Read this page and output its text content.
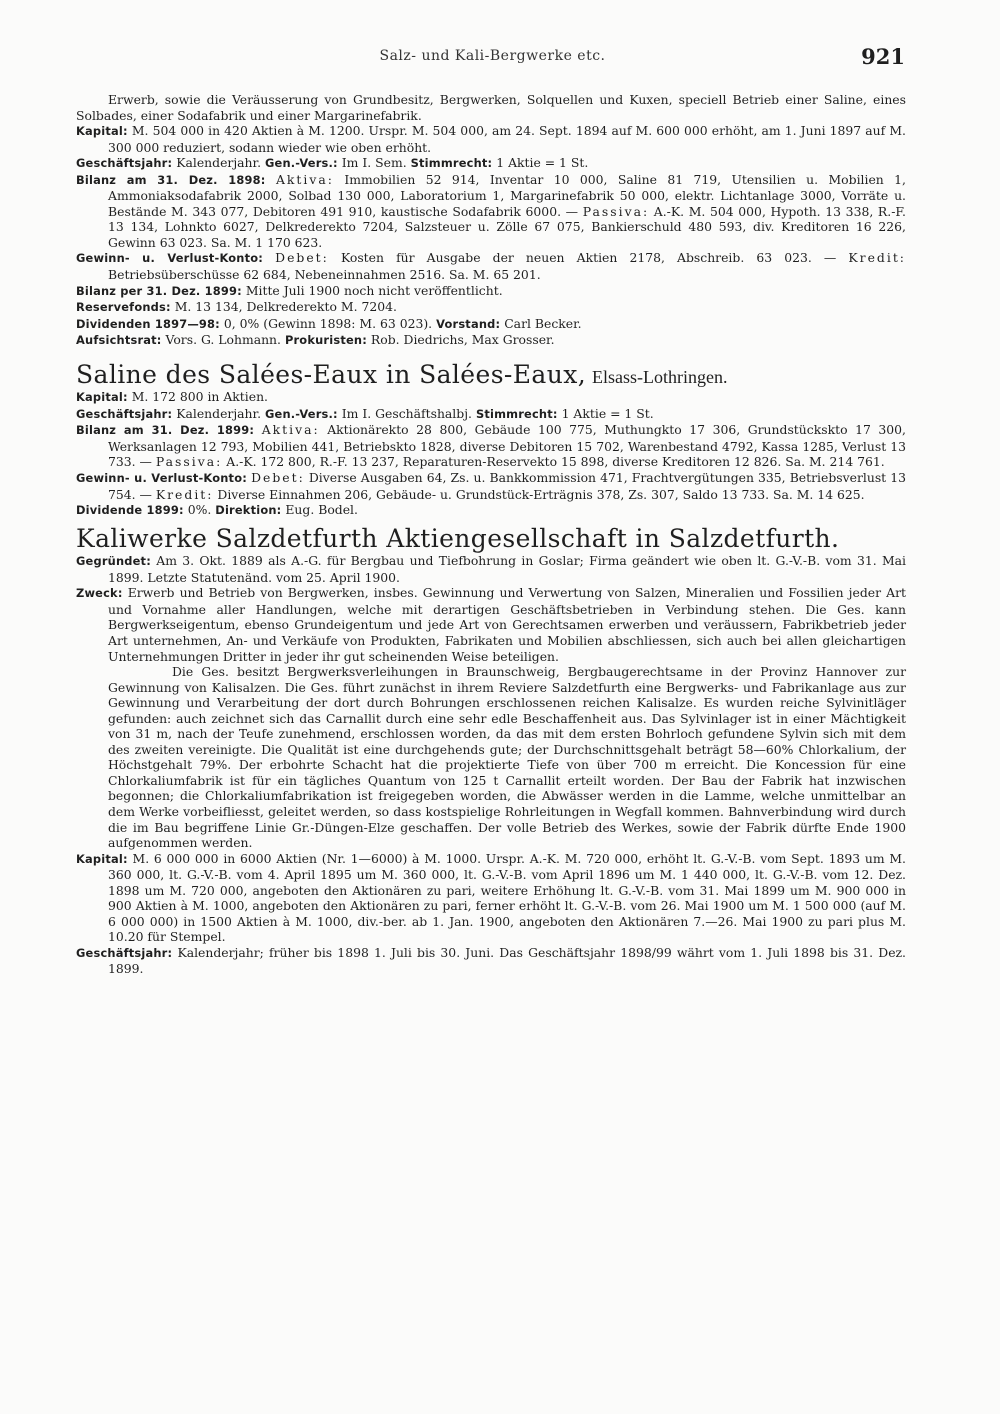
Salz- und Kali-Bergwerke etc.	921

Erwerb, sowie die Veräusserung von Grundbesitz, Bergwerken, Solquellen und Kuxen, speciell Betrieb einer Saline, eines Solbades, einer Sodafabrik und einer Margarinefabrik.

Kapital: M. 504 000 in 420 Aktien à M. 1200. Urspr. M. 504 000, am 24. Sept. 1894 auf M. 600 000 erhöht, am 1. Juni 1897 auf M. 300 000 reduziert, sodann wieder wie oben erhöht.

Geschäftsjahr: Kalenderjahr. Gen.-Vers.: Im I. Sem. Stimmrecht: 1 Aktie = 1 St.

Bilanz am 31. Dez. 1898: Aktiva: Immobilien 52 914, Inventar 10 000, Saline 81 719, Utensilien u. Mobilien 1, Ammoniaksodafabrik 2000, Solbad 130 000, Laboratorium 1, Margarinefabrik 50 000, elektr. Lichtanlage 3000, Vorräte u. Bestände M. 343 077, Debitoren 491 910, kaustische Sodafabrik 6000. — Passiva: A.-K. M. 504 000, Hypoth. 13 338, R.-F. 13 134, Lohnkto 6027, Delkrederekto 7204, Salzsteuer u. Zölle 67 075, Bankierschuld 480 593, div. Kreditoren 16 226, Gewinn 63 023. Sa. M. 1 170 623.

Gewinn- u. Verlust-Konto: Debet: Kosten für Ausgabe der neuen Aktien 2178, Abschreib. 63 023. — Kredit: Betriebsüberschüsse 62 684, Nebeneinnahmen 2516. Sa. M. 65 201.

Bilanz per 31. Dez. 1899: Mitte Juli 1900 noch nicht veröffentlicht.

Reservefonds: M. 13 134, Delkrederekto M. 7204.

Dividenden 1897—98: 0, 0% (Gewinn 1898: M. 63 023). Vorstand: Carl Becker.

Aufsichtsrat: Vors. G. Lohmann. Prokuristen: Rob. Diedrichs, Max Grosser.

Saline des Salées-Eaux in Salées-Eaux, Elsass-Lothringen.

Kapital: M. 172 800 in Aktien.

Geschäftsjahr: Kalenderjahr. Gen.-Vers.: Im I. Geschäftshalbj. Stimmrecht: 1 Aktie = 1 St.

Bilanz am 31. Dez. 1899: Aktiva: Aktionärekto 28 800, Gebäude 100 775, Muthungkto 17 306, Grundstückskto 17 300, Werksanlagen 12 793, Mobilien 441, Betriebskto 1828, diverse Debitoren 15 702, Warenbestand 4792, Kassa 1285, Verlust 13 733. — Passiva: A.-K. 172 800, R.-F. 13 237, Reparaturen-Reservekto 15 898, diverse Kreditoren 12 826. Sa. M. 214 761.

Gewinn- u. Verlust-Konto: Debet: Diverse Ausgaben 64, Zs. u. Bankkommission 471, Frachtvergütungen 335, Betriebsverlust 13 754. — Kredit: Diverse Einnahmen 206, Gebäude- u. Grundstück-Erträgnis 378, Zs. 307, Saldo 13 733. Sa. M. 14 625.

Dividende 1899: 0%. Direktion: Eug. Bodel.

Kaliwerke Salzdetfurth Aktiengesellschaft in Salzdetfurth.

Gegründet: Am 3. Okt. 1889 als A.-G. für Bergbau und Tiefbohrung in Goslar; Firma geändert wie oben lt. G.-V.-B. vom 31. Mai 1899. Letzte Statutenänd. vom 25. April 1900.

Zweck: Erwerb und Betrieb von Bergwerken, insbes. Gewinnung und Verwertung von Salzen, Mineralien und Fossilien jeder Art und Vornahme aller Handlungen, welche mit derartigen Geschäftsbetrieben in Verbindung stehen. Die Ges. kann Bergwerkseigentum, ebenso Grundeigentum und jede Art von Gerechtsamen erwerben und veräussern, Fabrikbetrieb jeder Art unternehmen, An- und Verkäufe von Produkten, Fabrikaten und Mobilien abschliessen, sich auch bei allen gleichartigen Unternehmungen Dritter in jeder ihr gut scheinenden Weise beteiligen.

Die Ges. besitzt Bergwerksverleihungen in Braunschweig, Bergbaugerechtsame in der Provinz Hannover zur Gewinnung von Kalisalzen. Die Ges. führt zunächst in ihrem Reviere Salzdetfurth eine Bergwerks- und Fabrikanlage aus zur Gewinnung und Verarbeitung der dort durch Bohrungen erschlossenen reichen Kalisalze. Es wurden reiche Sylvinitläger gefunden: auch zeichnet sich das Carnallit durch eine sehr edle Beschaffenheit aus. Das Sylvinlager ist in einer Mächtigkeit von 31 m, nach der Teufe zunehmend, erschlossen worden, da das mit dem ersten Bohrloch gefundene Sylvin sich mit dem des zweiten vereinigte. Die Qualität ist eine durchgehends gute; der Durchschnittsgehalt beträgt 58—60% Chlorkalium, der Höchstgehalt 79%. Der erbohrte Schacht hat die projektierte Tiefe von über 700 m erreicht. Die Koncession für eine Chlorkaliumfabrik ist für ein tägliches Quantum von 125 t Carnallit erteilt worden. Der Bau der Fabrik hat inzwischen begonnen; die Chlorkaliumfabrikation ist freigegeben worden, die Abwässer werden in die Lamme, welche unmittelbar an dem Werke vorbeifliesst, geleitet werden, so dass kostspielige Rohrleitungen in Wegfall kommen. Bahnverbindung wird durch die im Bau begriffene Linie Gr.-Düngen-Elze geschaffen. Der volle Betrieb des Werkes, sowie der Fabrik dürfte Ende 1900 aufgenommen werden.

Kapital: M. 6 000 000 in 6000 Aktien (Nr. 1—6000) à M. 1000. Urspr. A.-K. M. 720 000, erhöht lt. G.-V.-B. vom Sept. 1893 um M. 360 000, lt. G.-V.-B. vom 4. April 1895 um M. 360 000, lt. G.-V.-B. vom April 1896 um M. 1 440 000, lt. G.-V.-B. vom 12. Dez. 1898 um M. 720 000, angeboten den Aktionären zu pari, weitere Erhöhung lt. G.-V.-B. vom 31. Mai 1899 um M. 900 000 in 900 Aktien à M. 1000, angeboten den Aktionären zu pari, ferner erhöht lt. G.-V.-B. vom 26. Mai 1900 um M. 1 500 000 (auf M. 6 000 000) in 1500 Aktien à M. 1000, div.-ber. ab 1. Jan. 1900, angeboten den Aktionären 7.—26. Mai 1900 zu pari plus M. 10.20 für Stempel.

Geschäftsjahr: Kalenderjahr; früher bis 1898 1. Juli bis 30. Juni. Das Geschäftsjahr 1898/99 währt vom 1. Juli 1898 bis 31. Dez. 1899.
